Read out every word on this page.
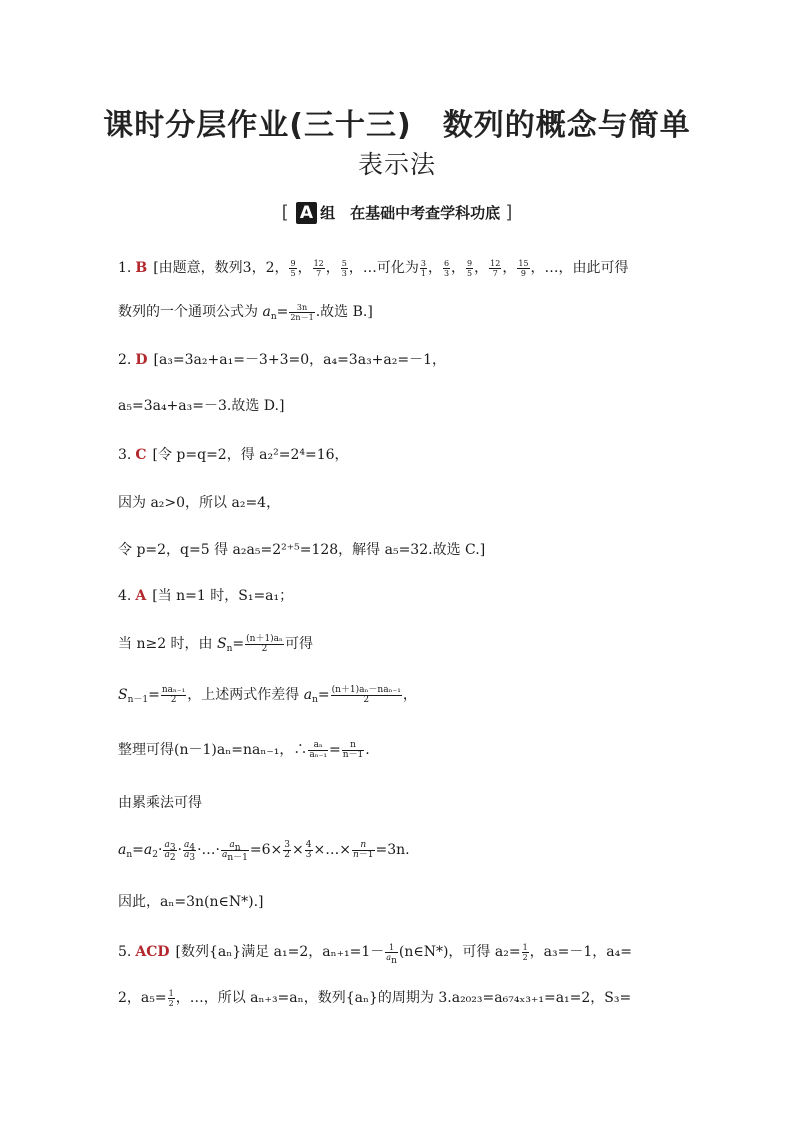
课时分层作业(三十三)　数列的概念与简单
表示法
[ A 组　在基础中考查学科功底 ]
1. B [由题意，数列3，2， $\frac{9}{5}$ ， $\frac{12}{7}$ ， $\frac{5}{3}$ ，…可化为 $\frac{3}{1}$ ， $\frac{6}{3}$ ， $\frac{9}{5}$ ， $\frac{12}{7}$ ， $\frac{15}{9}$ ，…，由此可得
数列的一个通项公式为 $a_n= \frac{3n}{2n-1}$ .故选 B.]
2. D [a₃=3a₂+a₁=－3+3=0，a₄=3a₃+a₂=－1，
a₅=3a₄+a₃=－3.故选 D.]
3. C [令 p=q=2，得 a₂²=2⁴=16，
因为 a₂>0，所以 a₂=4，
令 p=2，q=5 得 a₂a₅=2²⁺⁵=128，解得 a₅=32.故选 C.]
4. A [当 n=1 时，S₁=a₁；
当 n≥2 时，由 $S_n= \frac{\text{(n＋1)aₙ}}{2}$ 可得
$S_{n-1}= \frac{\text{naₙ₋₁}}{2}$ ，上述两式作差得 $a_n= \frac{\text{(n＋1)aₙ－naₙ₋₁}}{2}$ ，
整理可得(n－1)aₙ=naₙ₋₁，∴ $\frac{\text{aₙ}}{\text{aₙ₋₁}} = \frac{n}{n-1}$ .
由累乘法可得
$a_n=a_2\cdot \frac{a_3}{a_2} \cdot \frac{a_4}{a_3}$ ·…· $\frac{a_n}{a_{n-1}} =6\times \frac{3}{2} \times \frac{4}{3}$ ×…× $\frac{n}{n-1} =3n$.
因此，aₙ=3n(n∈N*).]
5. ACD [数列{aₙ}满足 a₁=2，$a_{n+1}=1- \frac{1}{a_n}$ (n∈N*)，可得 $a_2= \frac{1}{2}$ ，a₃=－1，a₄=
2，$a_5= \frac{1}{2}$ ，…，所以 aₙ₊₃=aₙ，数列{aₙ}的周期为 3.a₂₀₂₃=a₆₇₄ₓ₃₊₁=a₁=2，S₃=
